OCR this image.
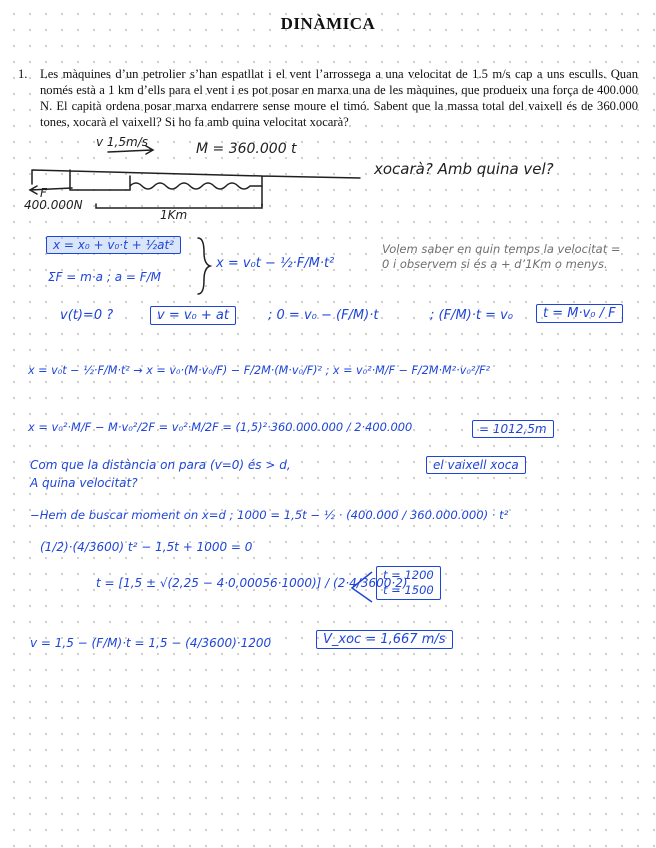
DINÀMICA
1. Les màquines d’un petrolier s’han espatllat i el vent l’arrossega a una velocitat de 1.5 m/s cap a uns esculls. Quan només està a 1 km d’ells para el vent i es pot posar en marxa una de les màquines, que produeix una força de 400.000 N. El capità ordena posar marxa endarrere sense moure el timó. Sabent que la massa total del vaixell és de 360.000 tones, xocarà el vaixell? Si ho fa amb quina velocitat xocarà?
v 1,5m/s	M = 360.000 t
F
400.000N
1Km
xocarà? Amb quina vel?
x = x₀ + v₀·t + ½at²
ΣF = m·a ; a = F/M
x = v₀t − ½·F/M·t²
Volem saber en quin temps la velocitat = 0 i observem si és a + d’1Km o menys.
v(t)=0 ?	v = v₀ + at	; 0 = v₀ − (F/M)·t	; (F/M)·t = v₀	t = M·v₀ / F
x = v₀t − ½·F/M·t² → x = v₀·(M·v₀/F) − F/2M·(M·v₀/F)² ; x = v₀²·M/F − F/2M·M²·v₀²/F²
x = v₀²·M/F − M·v₀²/2F = v₀²·M/2F = (1,5)²·360.000.000 / 2·400.000	= 1012,5m
Com que la distància on para (v=0) és > d,	el vaixell xoca
A quina velocitat?
−Hem de buscar moment on x=d ; 1000 = 1,5t − ½ · (400.000 / 360.000.000) · t²
(1/2)·(4/3600) t² − 1,5t + 1000 = 0
t = [1,5 ± √(2,25 − 4·0,00056·1000)] / (2·4/3600·2)
t = 1200
t = 1500
v = 1,5 − (F/M)·t = 1,5 − (4/3600)·1200	V_xoc = 1,667 m/s
